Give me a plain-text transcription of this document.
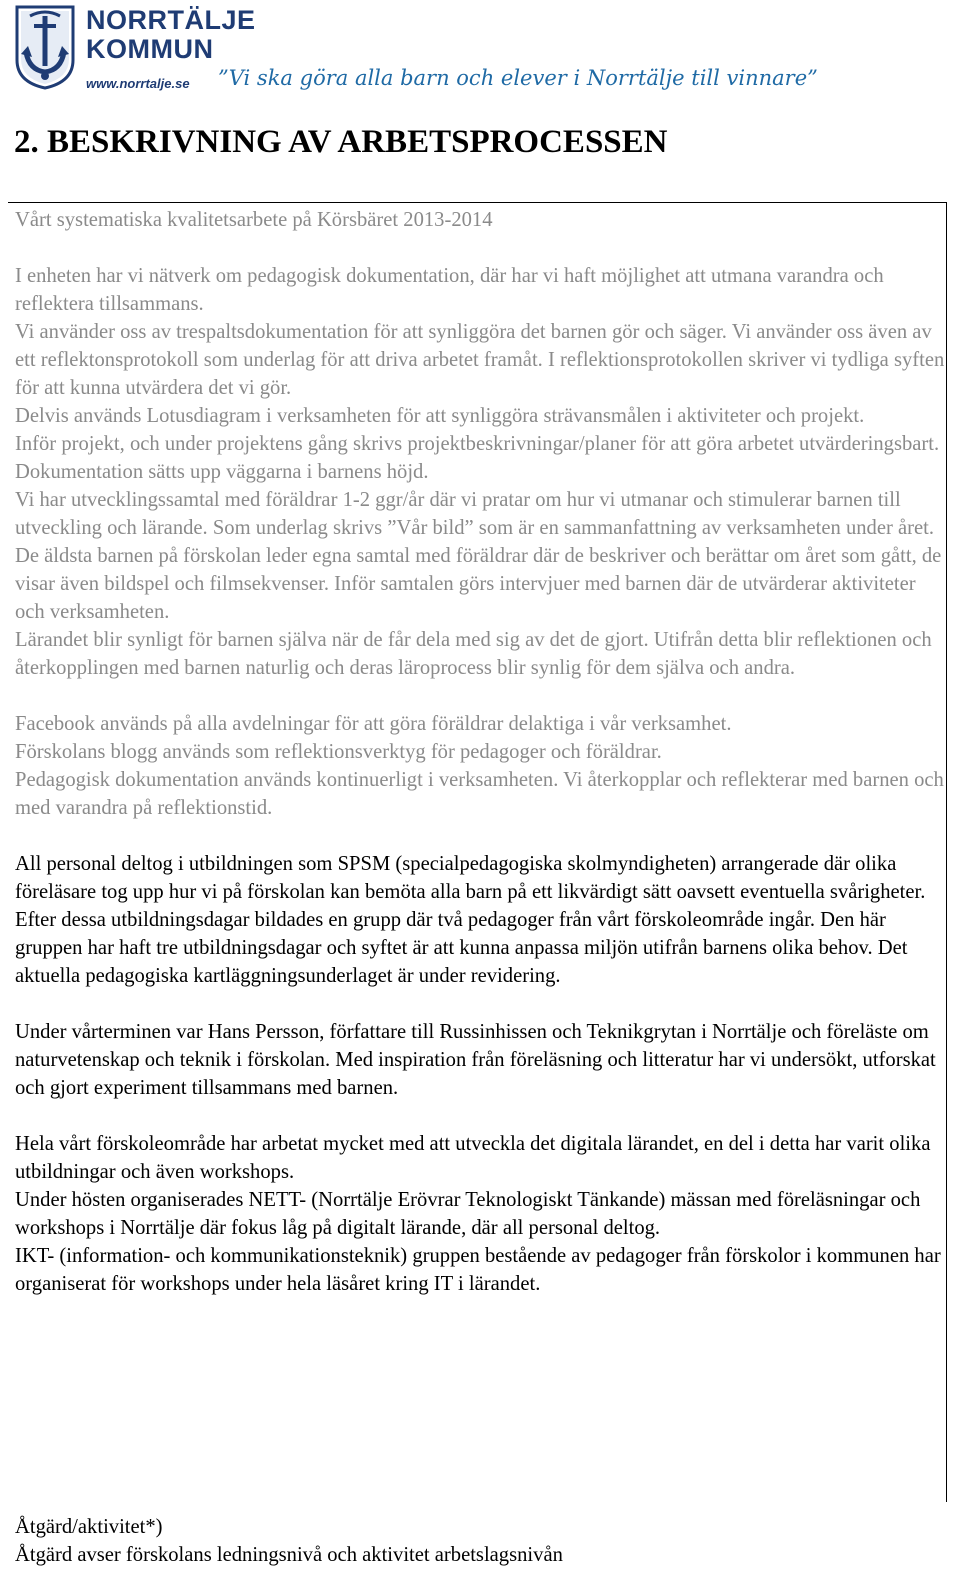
NORRTÄLJE
KOMMUN
www.norrtalje.se ”Vi ska göra alla barn och elever i Norrtälje till vinnare”
2. BESKRIVNING AV ARBETSPROCESSEN

Vårt systematiska kvalitetsarbete på Körsbäret 2013-2014

I enheten har vi nätverk om pedagogisk dokumentation, där har vi haft möjlighet att utmana varandra och reflektera tillsammans.

Vi använder oss av trespaltsdokumentation för att synliggöra det barnen gör och säger. Vi använder oss även av ett reflektonsprotokoll som underlag för att driva arbetet framåt. I reflektionsprotokollen skriver vi tydliga syften för att kunna utvärdera det vi gör.

Delvis används Lotusdiagram i verksamheten för att synliggöra strävansmålen i aktiviteter och projekt.

Inför projekt, och under projektens gång skrivs projektbeskrivningar/planer för att göra arbetet utvärderingsbart.

Dokumentation sätts upp väggarna i barnens höjd.

Vi har utvecklingssamtal med föräldrar 1-2 ggr/år där vi pratar om hur vi utmanar och stimulerar barnen till utveckling och lärande. Som underlag skrivs ”Vår bild” som är en sammanfattning av verksamheten under året.

De äldsta barnen på förskolan leder egna samtal med föräldrar där de beskriver och berättar om året som gått, de visar även bildspel och filmsekvenser. Inför samtalen görs intervjuer med barnen där de utvärderar aktiviteter och verksamheten.

Lärandet blir synligt för barnen själva när de får dela med sig av det de gjort. Utifrån detta blir reflektionen och återkopplingen med barnen naturlig och deras läroprocess blir synlig för dem själva och andra.

Facebook används på alla avdelningar för att göra föräldrar delaktiga i vår verksamhet.

Förskolans blogg används som reflektionsverktyg för pedagoger och föräldrar.

Pedagogisk dokumentation används kontinuerligt i verksamheten. Vi återkopplar och reflekterar med barnen och med varandra på reflektionstid.

All personal deltog i utbildningen som SPSM (specialpedagogiska skolmyndigheten) arrangerade där olika föreläsare tog upp hur vi på förskolan kan bemöta alla barn på ett likvärdigt sätt oavsett eventuella svårigheter.

Efter dessa utbildningsdagar bildades en grupp där två pedagoger från vårt förskoleområde ingår. Den här gruppen har haft tre utbildningsdagar och syftet är att kunna anpassa miljön utifrån barnens olika behov. Det aktuella pedagogiska kartläggningsunderlaget är under revidering.

Under vårterminen var Hans Persson, författare till Russinhissen och Teknikgrytan i Norrtälje och föreläste om naturvetenskap och teknik i förskolan. Med inspiration från föreläsning och litteratur har vi undersökt, utforskat och gjort experiment tillsammans med barnen.

Hela vårt förskoleområde har arbetat mycket med att utveckla det digitala lärandet, en del i detta har varit olika utbildningar och även workshops.

Under hösten organiserades NETT- (Norrtälje Erövrar Teknologiskt Tänkande) mässan med föreläsningar och workshops i Norrtälje där fokus låg på digitalt lärande, där all personal deltog.

IKT- (information- och kommunikationsteknik) gruppen bestående av pedagoger från förskolor i kommunen har organiserat för workshops under hela läsåret kring IT i lärandet.

Åtgärd/aktivitet*)

Åtgärd avser förskolans ledningsnivå och aktivitet arbetslagsnivån
